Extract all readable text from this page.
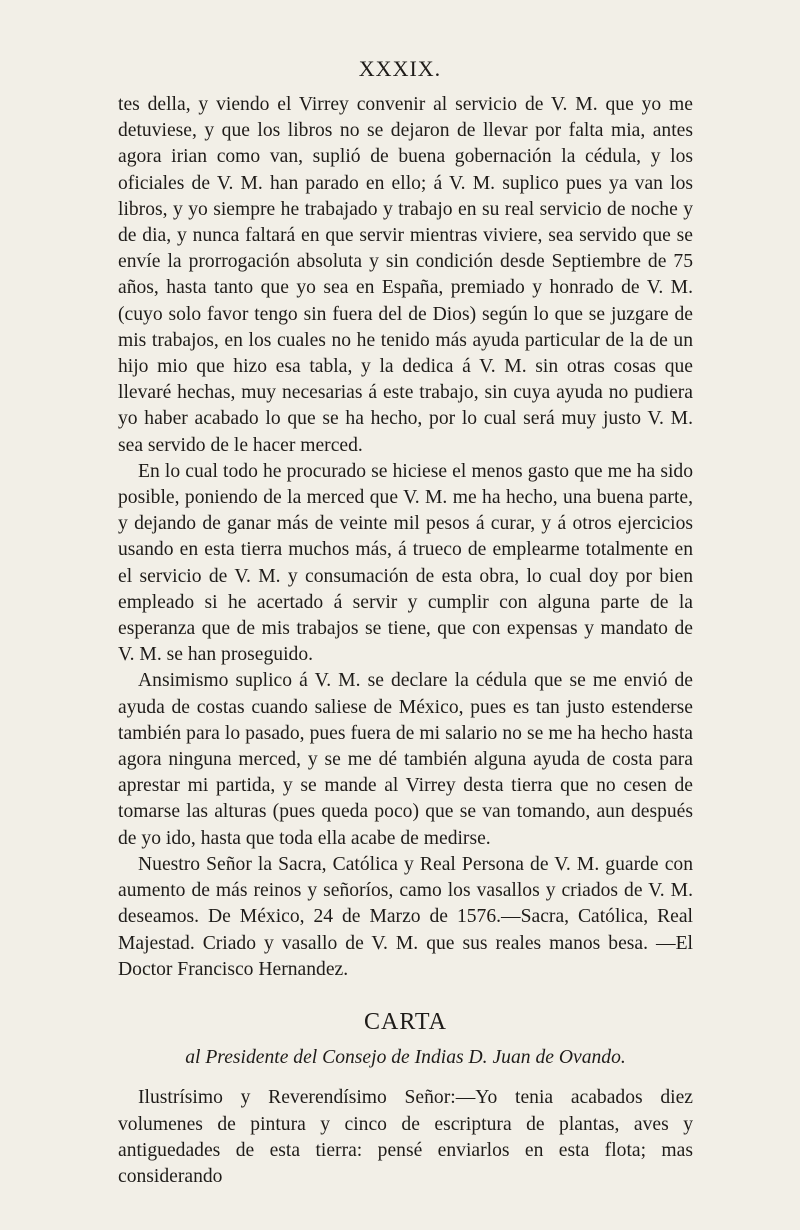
XXXIX.

tes della, y viendo el Virrey convenir al servicio de V. M. que yo me detuviese, y que los libros no se dejaron de llevar por falta mia, antes agora irian como van, suplió de buena gobernación la cédula, y los oficiales de V. M. han parado en ello; á V. M. suplico pues ya van los libros, y yo siempre he trabajado y trabajo en su real servicio de noche y de dia, y nunca faltará en que servir mientras viviere, sea servido que se envíe la prorrogación absoluta y sin condición desde Septiembre de 75 años, hasta tanto que yo sea en España, premiado y honrado de V. M. (cuyo solo favor tengo sin fuera del de Dios) según lo que se juzgare de mis trabajos, en los cuales no he tenido más ayuda particular de la de un hijo mio que hizo esa tabla, y la dedica á V. M. sin otras cosas que llevaré hechas, muy necesarias á este trabajo, sin cuya ayuda no pudiera yo haber acabado lo que se ha hecho, por lo cual será muy justo V. M. sea servido de le hacer merced.

En lo cual todo he procurado se hiciese el menos gasto que me ha sido posible, poniendo de la merced que V. M. me ha hecho, una buena parte, y dejando de ganar más de veinte mil pesos á curar, y á otros ejercicios usando en esta tierra muchos más, á trueco de emplearme totalmente en el servicio de V. M. y consumación de esta obra, lo cual doy por bien empleado si he acertado á servir y cumplir con alguna parte de la esperanza que de mis trabajos se tiene, que con expensas y mandato de V. M. se han proseguido.

Ansimismo suplico á V. M. se declare la cédula que se me envió de ayuda de costas cuando saliese de México, pues es tan justo estenderse también para lo pasado, pues fuera de mi salario no se me ha hecho hasta agora ninguna merced, y se me dé también alguna ayuda de costa para aprestar mi partida, y se mande al Virrey desta tierra que no cesen de tomarse las alturas (pues queda poco) que se van tomando, aun después de yo ido, hasta que toda ella acabe de medirse.

Nuestro Señor la Sacra, Católica y Real Persona de V. M. guarde con aumento de más reinos y señoríos, camo los vasallos y criados de V. M. deseamos. De México, 24 de Marzo de 1576.—Sacra, Católica, Real Majestad. Criado y vasallo de V. M. que sus reales manos besa. —El Doctor Francisco Hernandez.

CARTA
al Presidente del Consejo de Indias D. Juan de Ovando.

Ilustrísimo y Reverendísimo Señor:—Yo tenia acabados diez volumenes de pintura y cinco de escriptura de plantas, aves y antiguedades de esta tierra: pensé enviarlos en esta flota; mas considerando
